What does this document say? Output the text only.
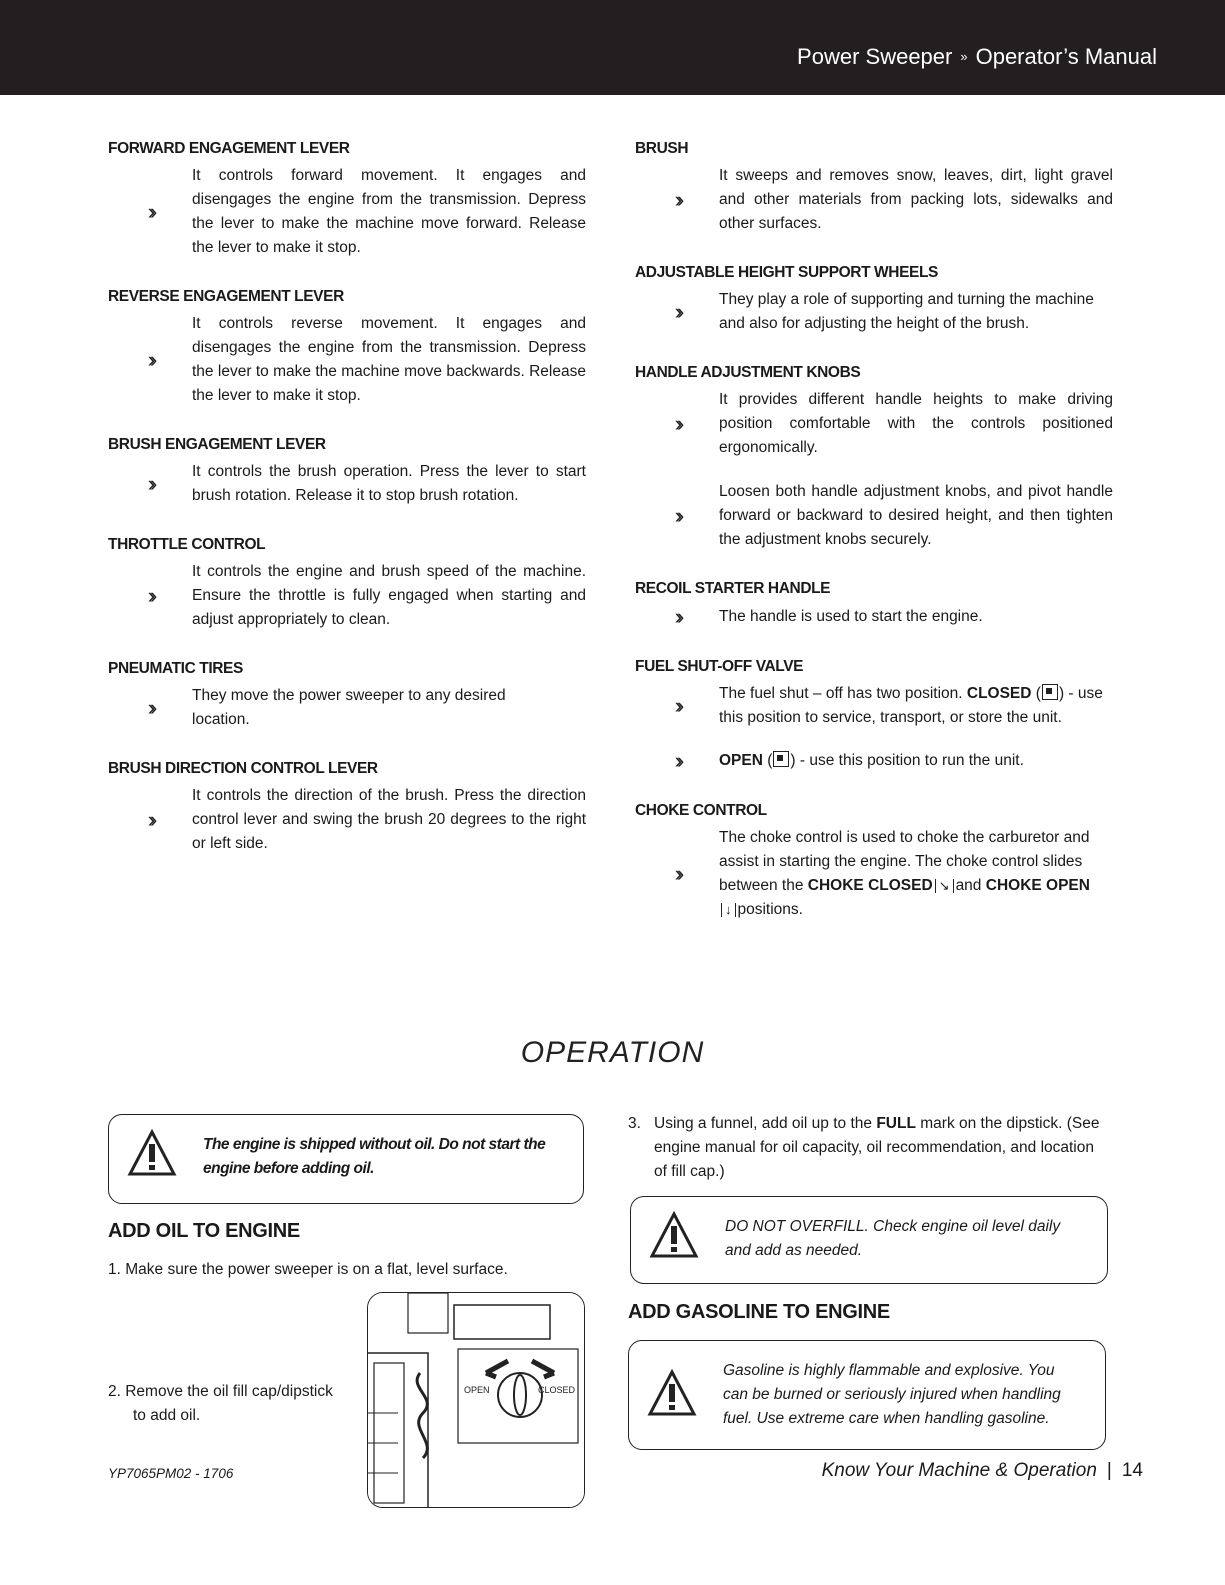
Power Sweeper » Operator’s Manual
FORWARD ENGAGEMENT LEVER
››
It controls forward movement. It engages and disengages the engine from the transmission. Depress the lever to make the machine move forward. Release the lever to make it stop.
REVERSE ENGAGEMENT LEVER
››
It controls reverse movement. It engages and disengages the engine from the transmission. Depress the lever to make the machine move backwards. Release the lever to make it stop.
BRUSH ENGAGEMENT LEVER
››	It controls the brush operation. Press the lever to start brush rotation. Release it to stop brush rotation.
THROTTLE CONTROL
››
It controls the engine and brush speed of the machine. Ensure the throttle is fully engaged when starting and adjust appropriately to clean.
PNEUMATIC TIRES
››	They move the power sweeper to any desired location.
BRUSH DIRECTION CONTROL LEVER
››
It controls the direction of the brush. Press the direction control lever and swing the brush 20 degrees to the right or left side.
BRUSH
››
It sweeps and removes snow, leaves, dirt, light gravel and other materials from packing lots, sidewalks and other surfaces.
ADJUSTABLE HEIGHT SUPPORT WHEELS
››	They play a role of supporting and turning the machine and also for adjusting the height of the brush.
HANDLE ADJUSTMENT KNOBS
››
It provides different handle heights to make driving position comfortable with the controls positioned ergonomically.
››
Loosen both handle adjustment knobs, and pivot handle forward or backward to desired height, and then tighten the adjustment knobs securely.
RECOIL STARTER HANDLE
››	The handle is used to start the engine.
FUEL SHUT-OFF VALVE
››	The fuel shut – off has two position. CLOSED ( ) - use this position to service, transport, or store the unit.
››	OPEN ( ) - use this position to run the unit.
CHOKE CONTROL
››
The choke control is used to choke the carburetor and assist in starting the engine. The choke control slides between the CHOKE CLOSED ↘ and CHOKE OPEN
↓ positions.
OPERATION
The engine is shipped without oil. Do not start the engine before adding oil.
ADD OIL TO ENGINE
1. Make sure the power sweeper is on a flat, level surface.
2. Remove the oil fill cap/dipstick
to add oil.
OPEN	CLOSED
3. Using a funnel, add oil up to the FULL mark on the dipstick. (See engine manual for oil capacity, oil recommendation, and location of fill cap.)
DO NOT OVERFILL. Check engine oil level daily and add as needed.
ADD GASOLINE TO ENGINE
Gasoline is highly flammable and explosive. You can be burned or seriously injured when handling fuel. Use extreme care when handling gasoline.
YP7065PM02 - 1706	Know Your Machine & Operation | 14
